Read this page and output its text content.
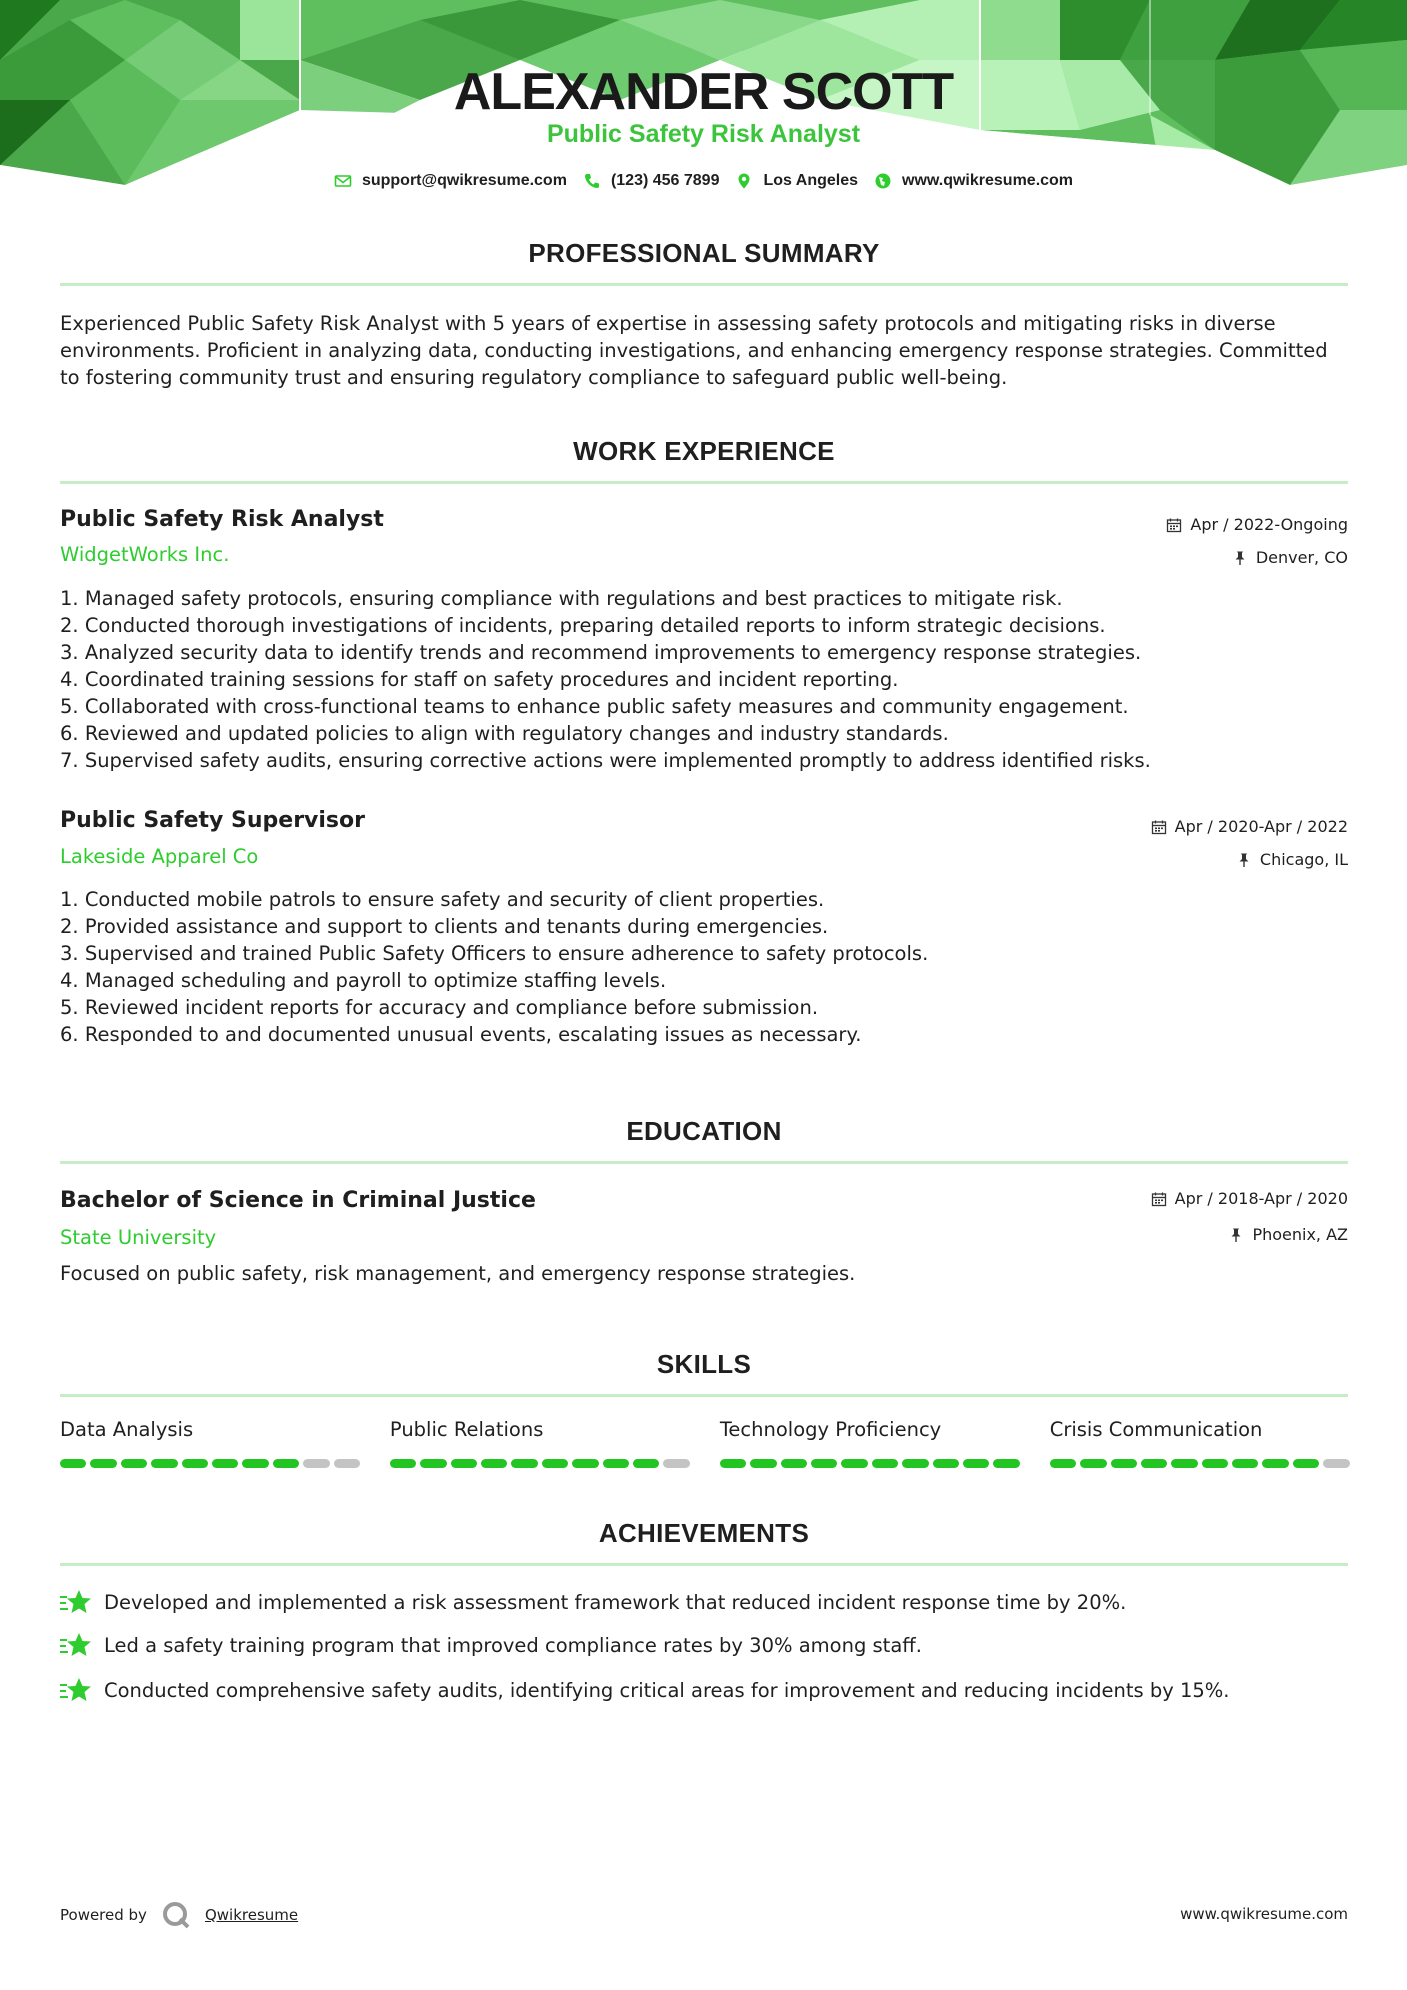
ALEXANDER SCOTT
Public Safety Risk Analyst
support@qwikresume.com	(123) 456 7899	Los Angeles	www.qwikresume.com
PROFESSIONAL SUMMARY

Experienced Public Safety Risk Analyst with 5 years of expertise in assessing safety protocols and mitigating risks in diverse environments. Proficient in analyzing data, conducting investigations, and enhancing emergency response strategies. Committed to fostering community trust and ensuring regulatory compliance to safeguard public well-being.

WORK EXPERIENCE
Public Safety Risk Analyst
WidgetWorks Inc.
Apr / 2022-Ongoing
Denver, CO
1. Managed safety protocols, ensuring compliance with regulations and best practices to mitigate risk.
2. Conducted thorough investigations of incidents, preparing detailed reports to inform strategic decisions.
3. Analyzed security data to identify trends and recommend improvements to emergency response strategies.
4. Coordinated training sessions for staff on safety procedures and incident reporting.
5. Collaborated with cross-functional teams to enhance public safety measures and community engagement.
6. Reviewed and updated policies to align with regulatory changes and industry standards.
7. Supervised safety audits, ensuring corrective actions were implemented promptly to address identified risks.
Public Safety Supervisor
Lakeside Apparel Co
Apr / 2020-Apr / 2022
Chicago, IL
1. Conducted mobile patrols to ensure safety and security of client properties.
2. Provided assistance and support to clients and tenants during emergencies.
3. Supervised and trained Public Safety Officers to ensure adherence to safety protocols.
4. Managed scheduling and payroll to optimize staffing levels.
5. Reviewed incident reports for accuracy and compliance before submission.
6. Responded to and documented unusual events, escalating issues as necessary.
EDUCATION
Bachelor of Science in Criminal Justice
State University
Apr / 2018-Apr / 2020
Phoenix, AZ
Focused on public safety, risk management, and emergency response strategies.
SKILLS
Data Analysis	Public Relations	Technology Proficiency	Crisis Communication
ACHIEVEMENTS
Developed and implemented a risk assessment framework that reduced incident response time by 20%.
Led a safety training program that improved compliance rates by 30% among staff.
Conducted comprehensive safety audits, identifying critical areas for improvement and reducing incidents by 15%.
Powered by	Qwikresume	www.qwikresume.com
